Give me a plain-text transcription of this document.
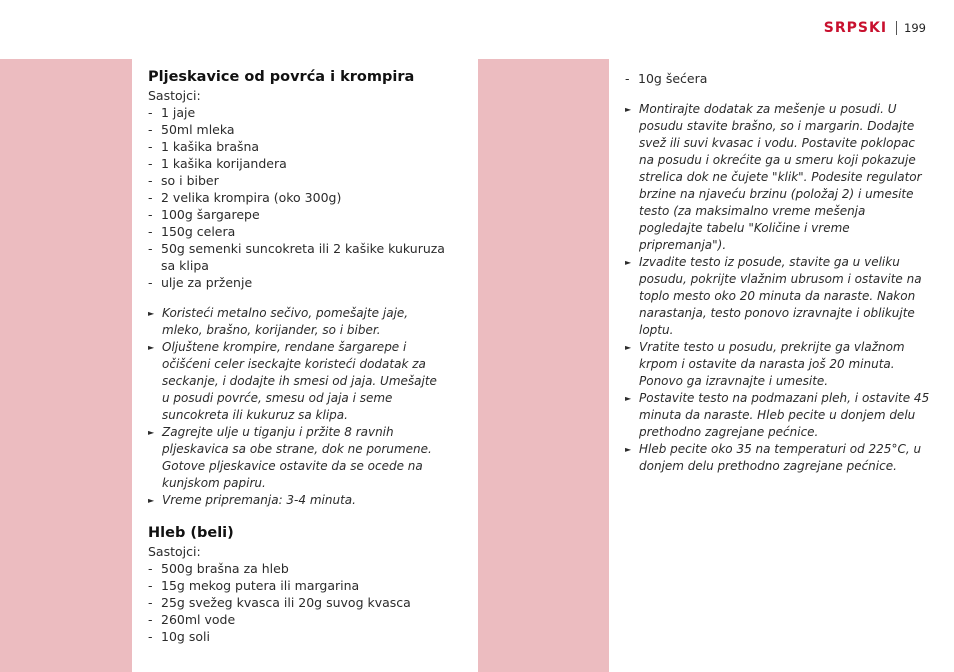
SRPSKI 199
Pljeskavice od povrća i krompira

Sastojci:

- 1 jaje
- 50ml mleka
- 1 kašika brašna
- 1 kašika korijandera
- so i biber
- 2 velika krompira (oko 300g)
- 100g šargarepe
- 150g celera
- 50g semenki suncokreta ili 2 kašike kukuruza sa klipa
- ulje za prženje
► Koristeći metalno sečivo, pomešajte jaje, mleko, brašno, korijander, so i biber.
► Oljuštene krompire, rendane šargarepe i očišćeni celer iseckajte koristeći dodatak za seckanje, i dodajte ih smesi od jaja. Umešajte u posudi povrće, smesu od jaja i seme suncokreta ili kukuruz sa klipa.
► Zagrejte ulje u tiganju i pržite 8 ravnih pljeskavica sa obe strane, dok ne porumene. Gotove pljeskavice ostavite da se ocede na kunjskom papiru.
► Vreme pripremanja: 3-4 minuta.
Hleb (beli)

Sastojci:

- 500g brašna za hleb
- 15g mekog putera ili margarina
- 25g svežeg kvasca ili 20g suvog kvasca
- 260ml vode
- 10g soli
- 10g šećera
► Montirajte dodatak za mešenje u posudi. U posudu stavite brašno, so i margarin. Dodajte svež ili suvi kvasac i vodu. Postavite poklopac na posudu i okrećite ga u smeru koji pokazuje strelica dok ne čujete "klik". Podesite regulator brzine na njaveću brzinu (položaj 2) i umesite testo (za maksimalno vreme mešenja pogledajte tabelu "Količine i vreme pripremanja").
► Izvadite testo iz posude, stavite ga u veliku posudu, pokrijte vlažnim ubrusom i ostavite na toplo mesto oko 20 minuta da naraste. Nakon narastanja, testo ponovo izravnajte i oblikujte loptu.
► Vratite testo u posudu, prekrijte ga vlažnom krpom i ostavite da narasta još 20 minuta. Ponovo ga izravnajte i umesite.
► Postavite testo na podmazani pleh, i ostavite 45 minuta da naraste. Hleb pecite u donjem delu prethodno zagrejane pećnice.
► Hleb pecite oko 35 na temperaturi od 225°C, u donjem delu prethodno zagrejane pećnice.
